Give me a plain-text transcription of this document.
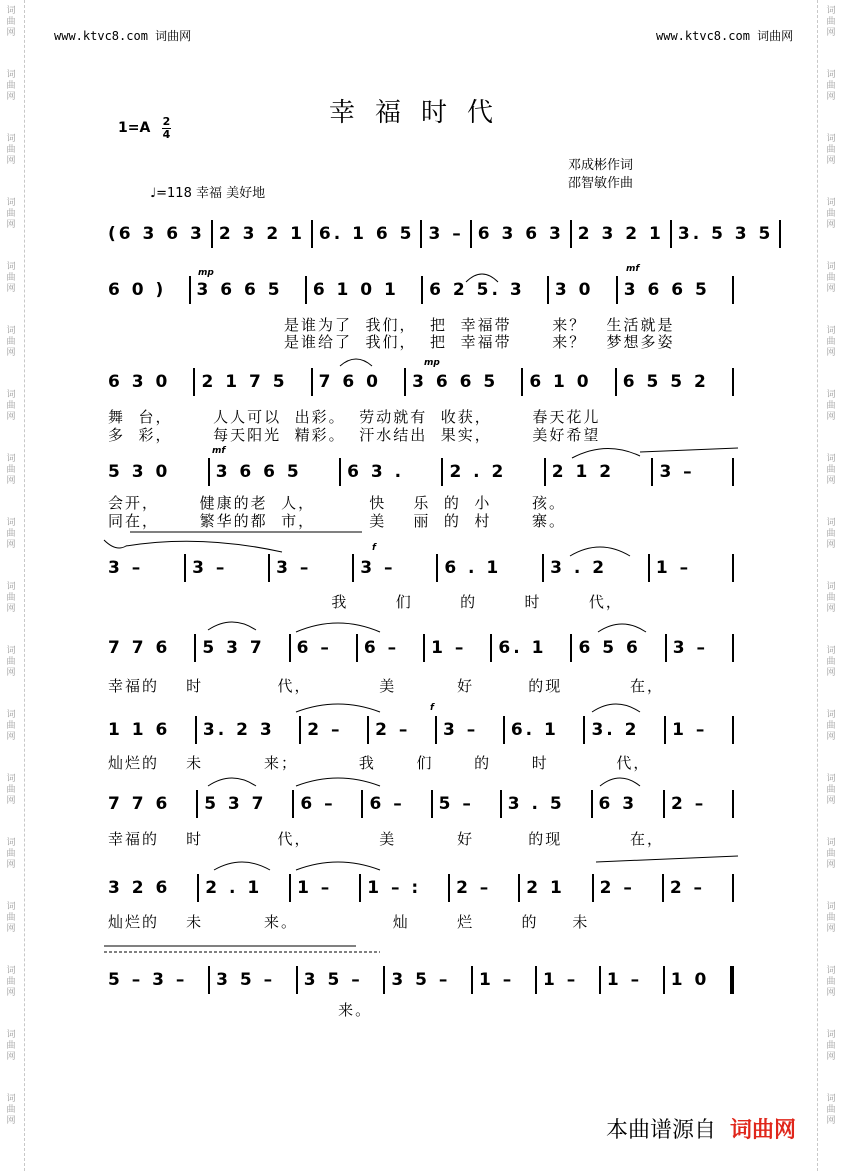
www.ktvc8.com 词曲网	www.ktvc8.com 词曲网
幸福时代
1=A 2
4
邓成彬作词
邵智敏作曲
♩=118 幸福 美好地
mp	mf
mp
mf
f
f
(6 3 6 3 2 3 2 1 6. 1 6 5 3 – 6 3 6 3 2 3 2 1 3. 5 3 5
6 0 )	3 6 6 5	6 1 0 1	6 2 5. 3	3 0	3 6 6 5
6 3 0	2 1 7 5	7 6 0	3 6 6 5	6 1 0	6 5 5 2
5 3 0	3 6 6 5	6 3 .	2 . 2	2 1 2	3 –
3 –	3 –	3 –	3 –	6 . 1	3 . 2	1 –
7 7 6	5 3 7	6 –	6 –	1 –	6. 1	6 5 6	3 –
1 1 6	3. 2 3	2 –	2 –	3 –	6. 1	3. 2	1 –
7 7 6	5 3 7	6 –	6 –	5 –	3 . 5	6 3	2 –
3 2 6	2 . 1	1 –	1 – :	2 –	2 1	2 –	2 –
5 – 3 –	3 5 –	3 5 –	3 5 –	1 –	1 –	1 –	1 0
是谁为了  我们，  把  幸福带      来？   生活就是
是谁给了  我们，  把  幸福带      来？   梦想多姿
舞  台，      人人可以  出彩。  劳动就有  收获，      春天花儿
多  彩，      每天阳光  精彩。  汗水结出  果实，      美好希望
会开，      健康的老  人，        快    乐  的  小      孩。
同在，      繁华的都  市，        美    丽  的  村      寨。
我       们       的       时       代，
幸福的    时           代，          美         好        的现          在，
灿烂的    未         来；         我      们      的      时          代，
幸福的    时           代，          美         好        的现          在，
灿烂的    未         来。              灿       烂       的     未
来。
本曲谱源自 词曲网
词
曲
网
词
曲
网
词
曲
网
词
曲
网
词
曲
网
词
曲
网
词
曲
网
词
曲
网
词
曲
网
词
曲
网
词
曲
网
词
曲
网
词
曲
网
词
曲
网
词
曲
网
词
曲
网
词
曲
网
词
曲
网
词
曲
网
词
曲
网
词
曲
网
词
曲
网
词
曲
网
词
曲
网
词
曲
网
词
曲
网
词
曲
网
词
曲
网
词
曲
网
词
曲
网
词
曲
网
词
曲
网
词
曲
网
词
曲
网
词
曲
网
词
曲
网
